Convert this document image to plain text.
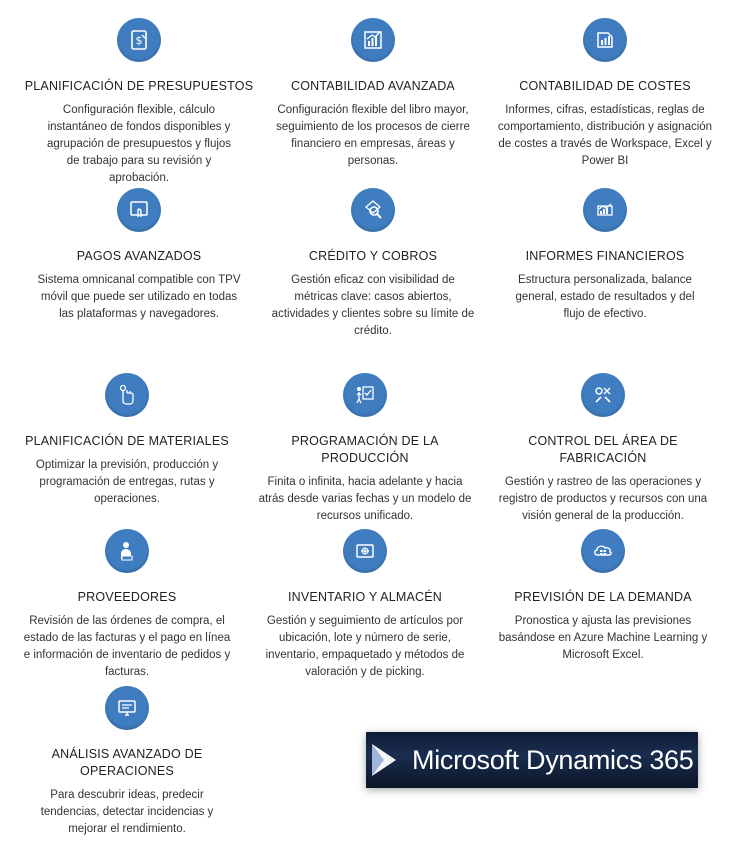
$
PLANIFICACIÓN DE PRESUPUESTOS
Configuración flexible, cálculo instantáneo de fondos disponibles y agrupación de presupuestos y flujos de trabajo para su revisión y aprobación.
CONTABILIDAD AVANZADA
Configuración flexible del libro mayor, seguimiento de los procesos de cierre financiero en empresas, áreas y personas.
CONTABILIDAD DE COSTES
Informes, cifras, estadísticas, reglas de comportamiento, distribución y asignación de costes a través de Workspace, Excel y Power BI
PAGOS AVANZADOS
Sistema omnicanal compatible con TPV móvil que puede ser utilizado en todas las plataformas y navegadores.
CRÉDITO Y COBROS
Gestión eficaz con visibilidad de métricas clave: casos abiertos, actividades y clientes sobre su límite de crédito.
INFORMES FINANCIEROS
Estructura personalizada, balance general, estado de resultados y del flujo de efectivo.
PLANIFICACIÓN DE MATERIALES
Optimizar la previsión, producción y programación de entregas, rutas y operaciones.
PROGRAMACIÓN DE LA PRODUCCIÓN
Finita o infinita, hacia adelante y hacia atrás desde varias fechas y un modelo de recursos unificado.
CONTROL DEL ÁREA DE FABRICACIÓN
Gestión y rastreo de las operaciones y registro de productos y recursos con una visión general de la producción.
PROVEEDORES
Revisión de las órdenes de compra, el estado de las facturas y el pago en línea e información de inventario de pedidos y facturas.
INVENTARIO Y ALMACÉN
Gestión y seguimiento de artículos por ubicación, lote y número de serie, inventario, empaquetado y métodos de valoración y de picking.
PREVISIÓN DE LA DEMANDA
Pronostica y ajusta las previsiones basándose en Azure Machine Learning y Microsoft Excel.
ANÁLISIS AVANZADO DE OPERACIONES
Para descubrir ideas, predecir tendencias, detectar incidencias y mejorar el rendimiento.
Microsoft Dynamics 365
